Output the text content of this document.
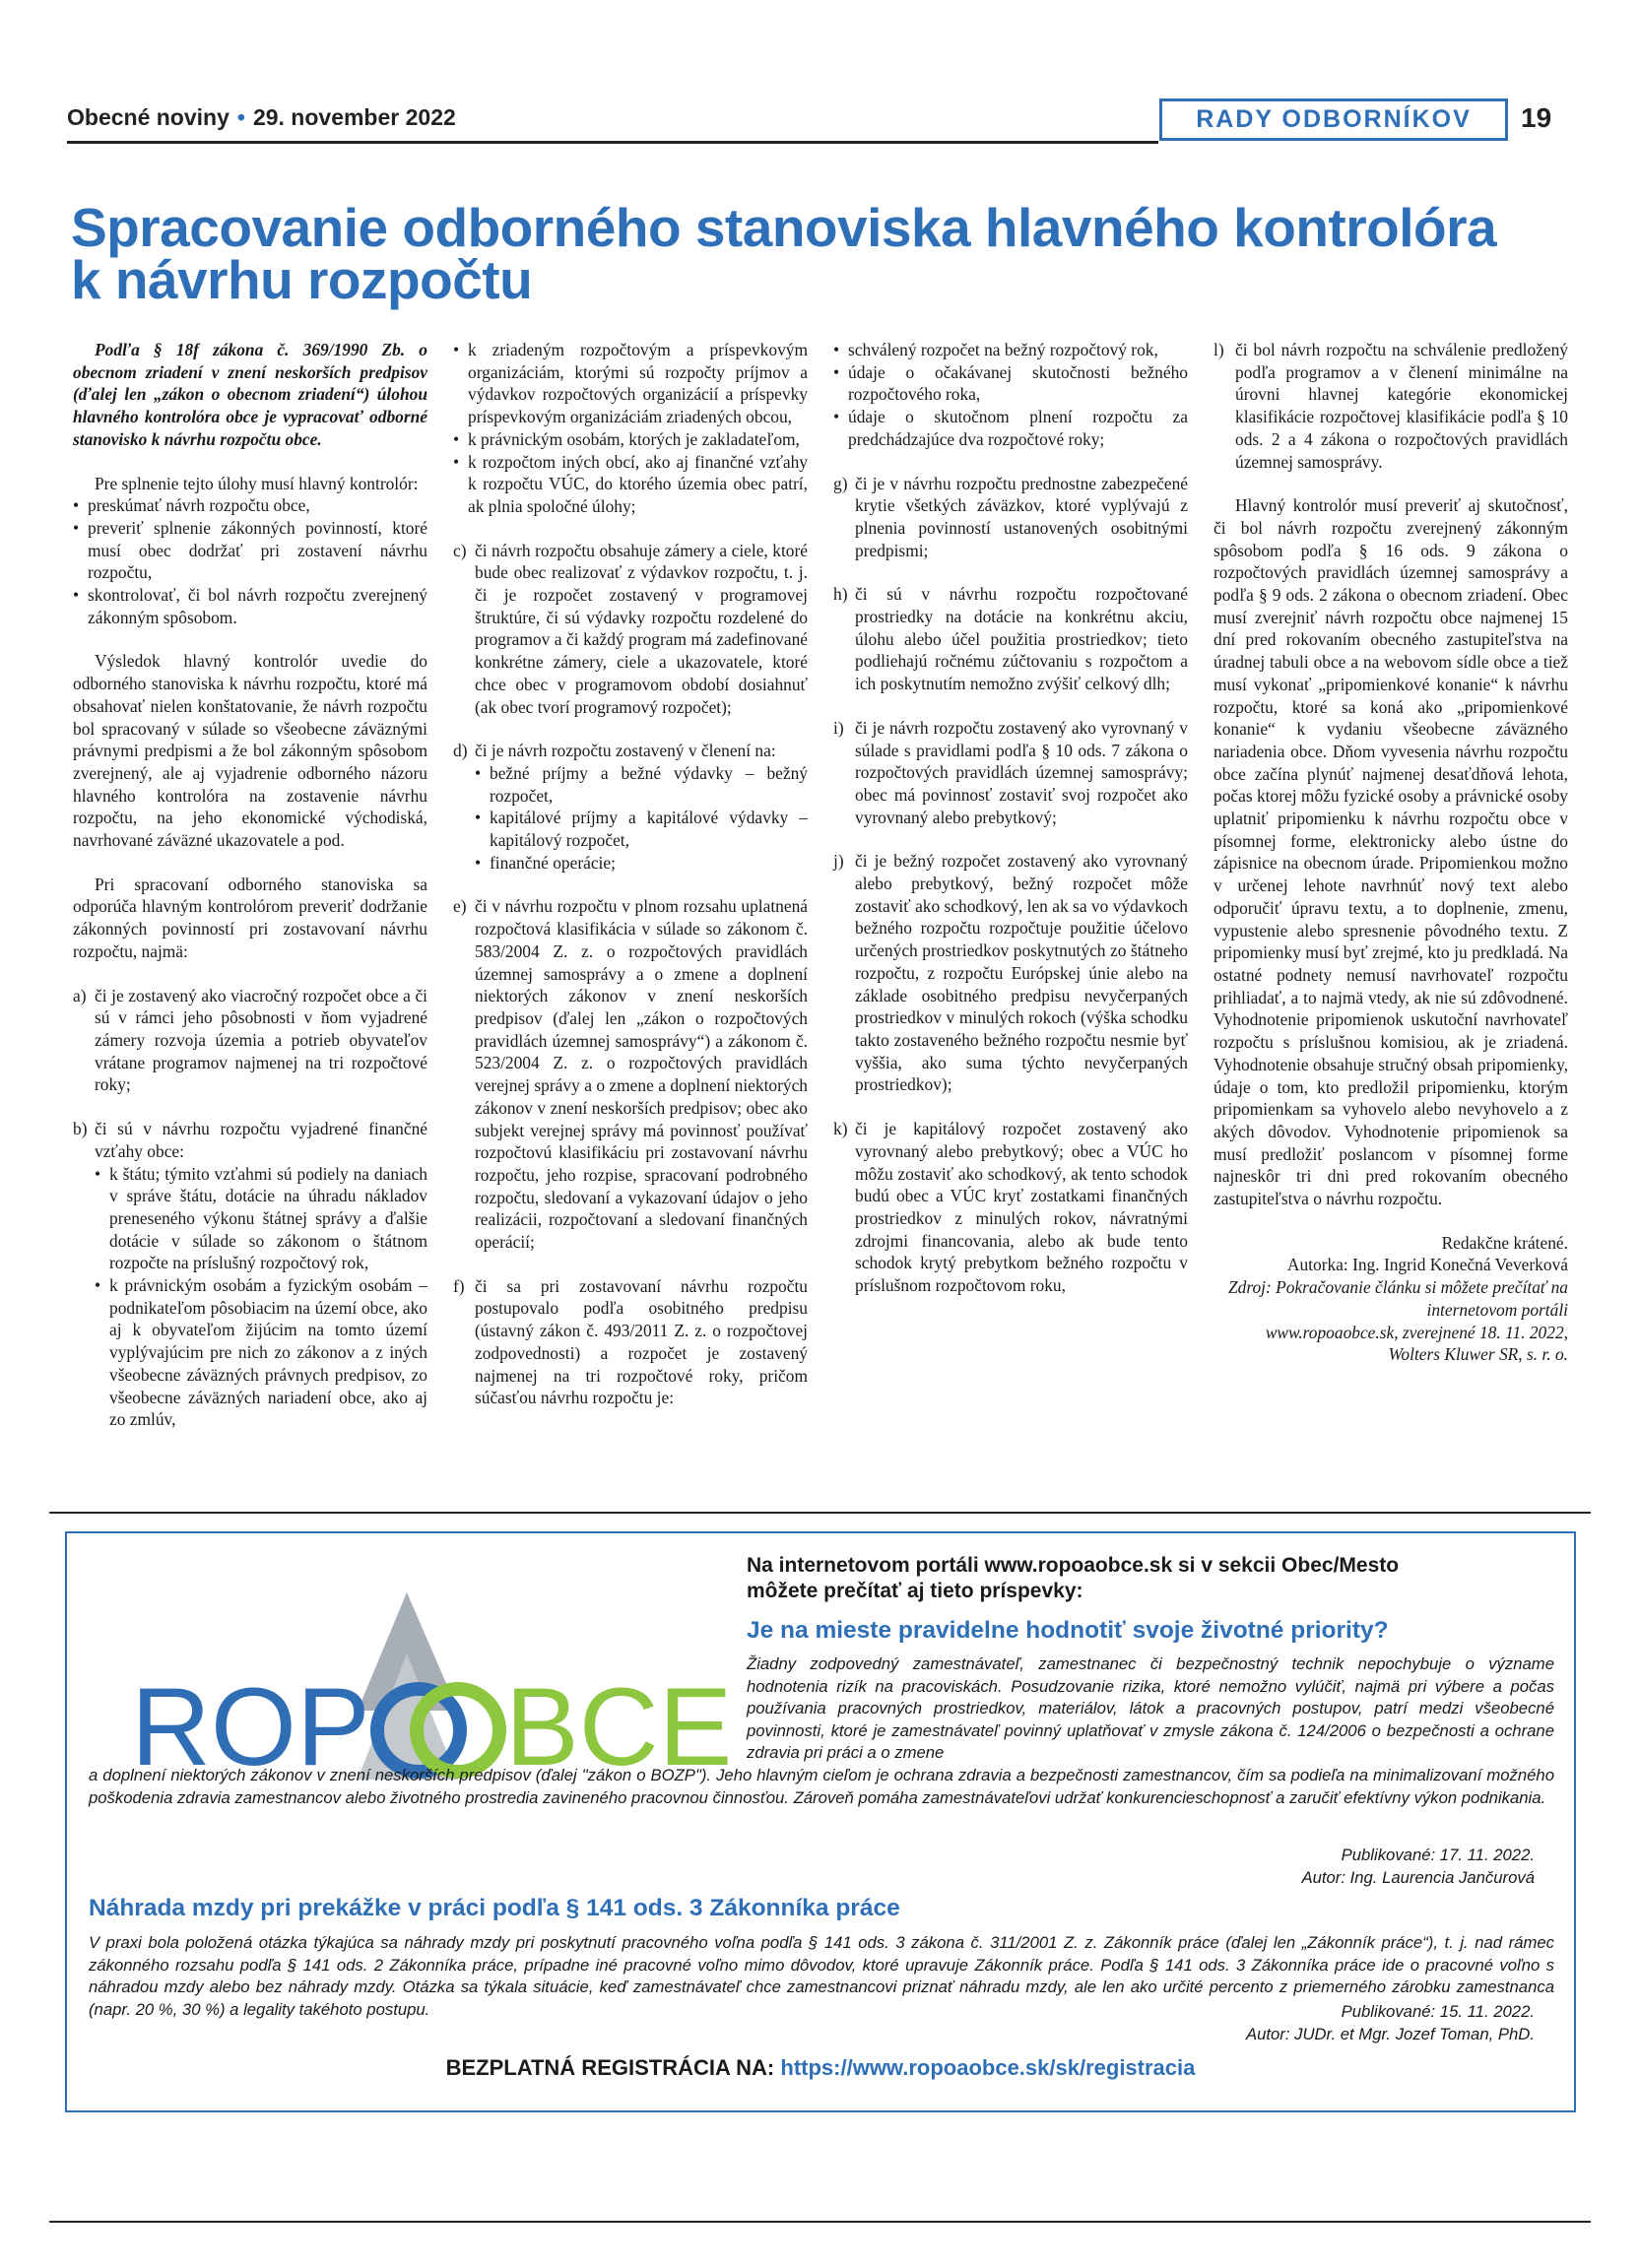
Obecné noviny • 29. november 2022	RADY ODBORNÍKOV	19
Spracovanie odborného stanoviska hlavného kontrolóra
k návrhu rozpočtu

Podľa § 18f zákona č. 369/1990 Zb. o obecnom zriadení v znení neskorších predpisov (ďalej len „zákon o obecnom zriadení“) úlohou hlavného kontrolóra obce je vypracovať odborné stanovisko k návrhu rozpočtu obce.

Pre splnenie tejto úlohy musí hlavný kontrolór:

• preskúmať návrh rozpočtu obce,
• preveriť splnenie zákonných povinností, ktoré musí obec dodržať pri zostavení návrhu rozpočtu,
• skontrolovať, či bol návrh rozpočtu zverejnený zákonným spôsobom.

Výsledok hlavný kontrolór uvedie do odborného stanoviska k návrhu rozpočtu, ktoré má obsahovať nielen konštatovanie, že návrh rozpočtu bol spracovaný v súlade so všeobecne záväznými právnymi predpismi a že bol zákonným spôsobom zverejnený, ale aj vyjadrenie odborného názoru hlavného kontrolóra na zostavenie návrhu rozpočtu, na jeho ekonomické východiská, navrhované záväzné ukazovatele a pod.

Pri spracovaní odborného stanoviska sa odporúča hlavným kontrolórom preveriť dodržanie zákonných povinností pri zostavovaní návrhu rozpočtu, najmä:

a) či je zostavený ako viacročný rozpočet obce a či sú v rámci jeho pôsobnosti v ňom vyjadrené zámery rozvoja územia a potrieb obyvateľov vrátane programov najmenej na tri rozpočtové roky;
b) či sú v návrhu rozpočtu vyjadrené finančné vzťahy obce:
• k štátu; týmito vzťahmi sú podiely na daniach v správe štátu, dotácie na úhradu nákladov preneseného výkonu štátnej správy a ďalšie dotácie v súlade so zákonom o štátnom rozpočte na príslušný rozpočtový rok,
• k právnickým osobám a fyzickým osobám – podnikateľom pôsobiacim na území obce, ako aj k obyvateľom žijúcim na tomto území vyplývajúcim pre nich zo zákonov a z iných všeobecne záväzných právnych predpisov, zo všeobecne záväzných nariadení obce, ako aj zo zmlúv,
• k zriadeným rozpočtovým a príspevkovým organizáciám, ktorými sú rozpočty príjmov a výdavkov rozpočtových organizácií a príspevky príspevkovým organizáciám zriadených obcou,
• k právnickým osobám, ktorých je zakladateľom,
• k rozpočtom iných obcí, ako aj finančné vzťahy k rozpočtu VÚC, do ktorého územia obec patrí, ak plnia spoločné úlohy;
c) či návrh rozpočtu obsahuje zámery a ciele, ktoré bude obec realizovať z výdavkov rozpočtu, t. j. či je rozpočet zostavený v programovej štruktúre, či sú výdavky rozpočtu rozdelené do programov a či každý program má zadefinované konkrétne zámery, ciele a ukazovatele, ktoré chce obec v programovom období dosiahnuť (ak obec tvorí programový rozpočet);
d) či je návrh rozpočtu zostavený v členení na:
• bežné príjmy a bežné výdavky – bežný rozpočet,
• kapitálové príjmy a kapitálové výdavky – kapitálový rozpočet,
• finančné operácie;
e) či v návrhu rozpočtu v plnom rozsahu uplatnená rozpočtová klasifikácia v súlade so zákonom č. 583/2004 Z. z. o rozpočtových pravidlách územnej samosprávy a o zmene a doplnení niektorých zákonov v znení neskorších predpisov (ďalej len „zákon o rozpočtových pravidlách územnej samosprávy“) a zákonom č. 523/2004 Z. z. o rozpočtových pravidlách verejnej správy a o zmene a doplnení niektorých zákonov v znení neskorších predpisov; obec ako subjekt verejnej správy má povinnosť používať rozpočtovú klasifikáciu pri zostavovaní návrhu rozpočtu, jeho rozpise, spracovaní podrobného rozpočtu, sledovaní a vykazovaní údajov o jeho realizácii, rozpočtovaní a sledovaní finančných operácií;
f) či sa pri zostavovaní návrhu rozpočtu postupovalo podľa osobitného predpisu (ústavný zákon č. 493/2011 Z. z. o rozpočtovej zodpovednosti) a rozpočet je zostavený najmenej na tri rozpočtové roky, pričom súčasťou návrhu rozpočtu je:
• schválený rozpočet na bežný rozpočtový rok,
• údaje o očakávanej skutočnosti bežného rozpočtového roka,
• údaje o skutočnom plnení rozpočtu za predchádzajúce dva rozpočtové roky;
g) či je v návrhu rozpočtu prednostne zabezpečené krytie všetkých záväzkov, ktoré vyplývajú z plnenia povinností ustanovených osobitnými predpismi;
h) či sú v návrhu rozpočtu rozpočtované prostriedky na dotácie na konkrétnu akciu, úlohu alebo účel použitia prostriedkov; tieto podliehajú ročnému zúčtovaniu s rozpočtom a ich poskytnutím nemožno zvýšiť celkový dlh;
i) či je návrh rozpočtu zostavený ako vyrovnaný v súlade s pravidlami podľa § 10 ods. 7 zákona o rozpočtových pravidlách územnej samosprávy; obec má povinnosť zostaviť svoj rozpočet ako vyrovnaný alebo prebytkový;
j) či je bežný rozpočet zostavený ako vyrovnaný alebo prebytkový, bežný rozpočet môže zostaviť ako schodkový, len ak sa vo výdavkoch bežného rozpočtu rozpočtuje použitie účelovo určených prostriedkov poskytnutých zo štátneho rozpočtu, z rozpočtu Európskej únie alebo na základe osobitného predpisu nevyčerpaných prostriedkov v minulých rokoch (výška schodku takto zostaveného bežného rozpočtu nesmie byť vyššia, ako suma týchto nevyčerpaných prostriedkov);
k) či je kapitálový rozpočet zostavený ako vyrovnaný alebo prebytkový; obec a VÚC ho môžu zostaviť ako schodkový, ak tento schodok budú obec a VÚC kryť zostatkami finančných prostriedkov z minulých rokov, návratnými zdrojmi financovania, alebo ak bude tento schodok krytý prebytkom bežného rozpočtu v príslušnom rozpočtovom roku,
l) či bol návrh rozpočtu na schválenie predložený podľa programov a v členení minimálne na úrovni hlavnej kategórie ekonomickej klasifikácie rozpočtovej klasifikácie podľa § 10 ods. 2 a 4 zákona o rozpočtových pravidlách územnej samosprávy.

Hlavný kontrolór musí preveriť aj skutočnosť, či bol návrh rozpočtu zverejnený zákonným spôsobom podľa § 16 ods. 9 zákona o rozpočtových pravidlách územnej samosprávy a podľa § 9 ods. 2 zákona o obecnom zriadení. Obec musí zverejniť návrh rozpočtu obce najmenej 15 dní pred rokovaním obecného zastupiteľstva na úradnej tabuli obce a na webovom sídle obce a tiež musí vykonať „pripomienkové konanie“ k návrhu rozpočtu, ktoré sa koná ako „pripomienkové konanie“ k vydaniu všeobecne záväzného nariadenia obce. Dňom vyvesenia návrhu rozpočtu obce začína plynúť najmenej desaťdňová lehota, počas ktorej môžu fyzické osoby a právnické osoby uplatniť pripomienku k návrhu rozpočtu obce v písomnej forme, elektronicky alebo ústne do zápisnice na obecnom úrade. Pripomienkou možno v určenej lehote navrhnúť nový text alebo odporučiť úpravu textu, a to doplnenie, zmenu, vypustenie alebo spresnenie pôvodného textu. Z pripomienky musí byť zrejmé, kto ju predkladá. Na ostatné podnety nemusí navrhovateľ rozpočtu prihliadať, a to najmä vtedy, ak nie sú zdôvodnené. Vyhodnotenie pripomienok uskutoční navrhovateľ rozpočtu s príslušnou komisiou, ak je zriadená. Vyhodnotenie obsahuje stručný obsah pripomienky, údaje o tom, kto predložil pripomienku, ktorým pripomienkam sa vyhovelo alebo nevyhovelo a z akých dôvodov. Vyhodnotenie pripomienok sa musí predložiť poslancom v písomnej forme najneskôr tri dni pred rokovaním obecného zastupiteľstva o návrhu rozpočtu.

Redakčne krátené.
Autorka: Ing. Ingrid Konečná Veverková
Zdroj: Pokračovanie článku si môžete prečítať na internetovom portáli
www.ropoaobce.sk, zverejnené 18. 11. 2022,
Wolters Kluwer SR, s. r. o.
ROP BCE
Na internetovom portáli www.ropoaobce.sk si v sekcii Obec/Mesto
môžete prečítať aj tieto príspevky:
Je na mieste pravidelne hodnotiť svoje životné priority?
Žiadny zodpovedný zamestnávateľ, zamestnanec či bezpečnostný technik nepochybuje o význame hodnotenia rizík na pracoviskách. Posudzovanie rizika, ktoré nemožno vylúčiť, najmä pri výbere a počas používania pracovných prostriedkov, materiálov, látok a pracovných postupov, patrí medzi všeobecné povinnosti, ktoré je zamestnávateľ povinný uplatňovať v zmysle zákona č. 124/2006 o bezpečnosti a ochrane zdravia pri práci a o zmene
a doplnení niektorých zákonov v znení neskorších predpisov (ďalej "zákon o BOZP"). Jeho hlavným cieľom je ochrana zdravia a bezpečnosti zamestnancov, čím sa podieľa na minimalizovaní možného poškodenia zdravia zamestnancov alebo životného prostredia zavineného pracovnou činnosťou. Zároveň pomáha zamestnávateľovi udržať konkurencieschopnosť a zaručiť efektívny výkon podnikania.
Publikované: 17. 11. 2022.
Autor: Ing. Laurencia Jančurová
Náhrada mzdy pri prekážke v práci podľa § 141 ods. 3 Zákonníka práce
V praxi bola položená otázka týkajúca sa náhrady mzdy pri poskytnutí pracovného voľna podľa § 141 ods. 3 zákona č. 311/2001 Z. z. Zákonník práce (ďalej len „Zákonník práce“), t. j. nad rámec zákonného rozsahu podľa § 141 ods. 2 Zákonníka práce, prípadne iné pracovné voľno mimo dôvodov, ktoré upravuje Zákonník práce. Podľa § 141 ods. 3 Zákonníka práce ide o pracovné voľno s náhradou mzdy alebo bez náhrady mzdy. Otázka sa týkala situácie, keď zamestnávateľ chce zamestnancovi priznať náhradu mzdy, ale len ako určité percento z priemerného zárobku zamestnanca (napr. 20 %, 30 %) a legality takéhoto postupu.	Publikované: 15. 11. 2022.
Autor: JUDr. et Mgr. Jozef Toman, PhD.
BEZPLATNÁ REGISTRÁCIA NA: https://www.ropoaobce.sk/sk/registracia
